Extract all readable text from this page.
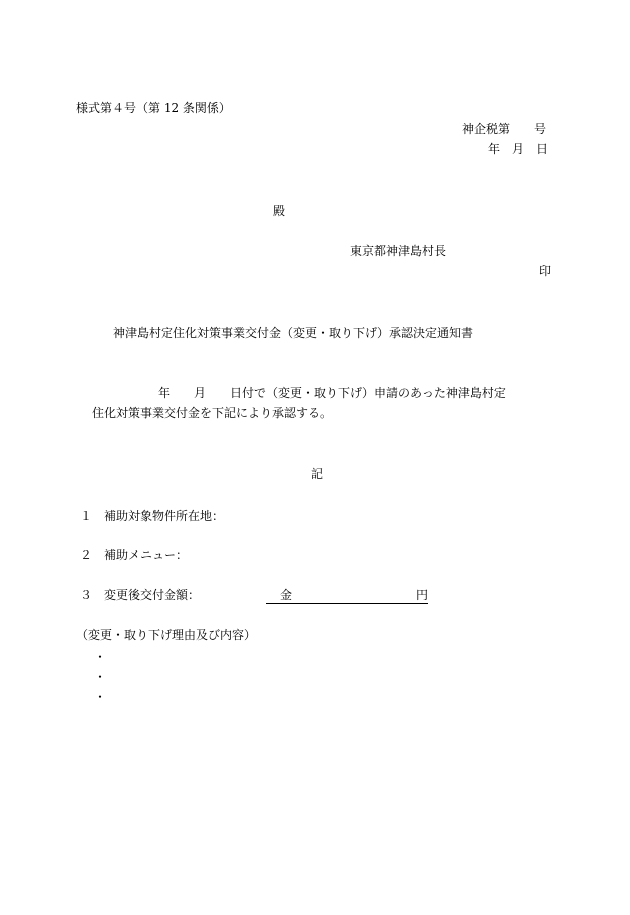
様式第４号（第 12 条関係）
神企税第　　号
年　月　日
殿
東京都神津島村長
印
神津島村定住化対策事業交付金（変更・取り下げ）承認決定通知書
年　　月　　日付で（変更・取り下げ）申請のあった神津島村定
住化対策事業交付金を下記により承認する。
記
１ 補助対象物件所在地：
２ 補助メニュー：
３ 変更後交付金額：	金	円
（変更・取り下げ理由及び内容）
・
・
・
